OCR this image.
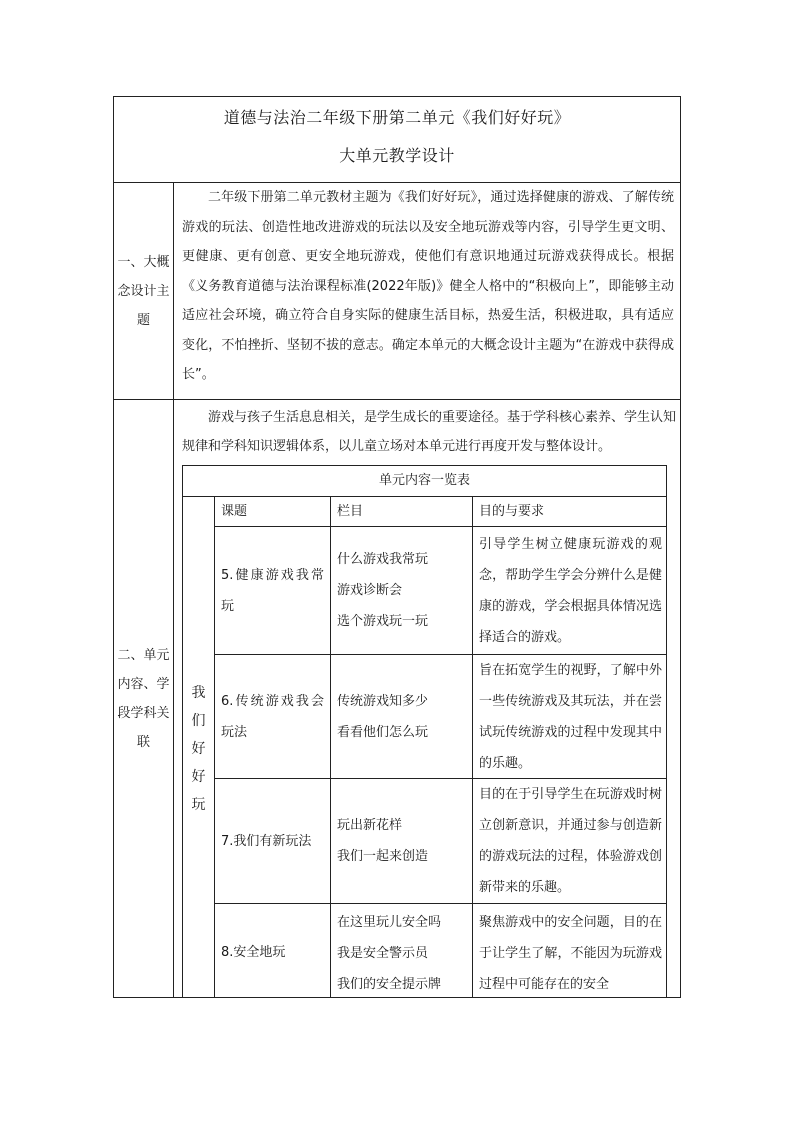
道德与法治二年级下册第二单元《我们好好玩》
大单元教学设计
一、大概念设计主题
二年级下册第二单元教材主题为《我们好好玩》，通过选择健康的游戏、了解传统游戏的玩法、创造性地改进游戏的玩法以及安全地玩游戏等内容，引导学生更文明、更健康、更有创意、更安全地玩游戏，使他们有意识地通过玩游戏获得成长。根据《义务教育道德与法治课程标准(2022年版)》健全人格中的“积极向上”，即能够主动适应社会环境，确立符合自身实际的健康生活目标，热爱生活，积极进取，具有适应变化，不怕挫折、坚韧不拔的意志。确定本单元的大概念设计主题为“在游戏中获得成长”。
二、单元内容、学段学科关联
游戏与孩子生活息息相关，是学生成长的重要途径。基于学科核心素养、学生认知规律和学科知识逻辑体系，以儿童立场对本单元进行再度开发与整体设计。
单元内容一览表
我们好好玩
课题	栏目	目的与要求
5.健康游戏我常玩
什么游戏我常玩
游戏诊断会
选个游戏玩一玩
引导学生树立健康玩游戏的观念，帮助学生学会分辨什么是健康的游戏，学会根据具体情况选择适合的游戏。
6.传统游戏我会玩法
传统游戏知多少
看看他们怎么玩
旨在拓宽学生的视野，了解中外一些传统游戏及其玩法，并在尝试玩传统游戏的过程中发现其中的乐趣。
7.我们有新玩法
玩出新花样
我们一起来创造
目的在于引导学生在玩游戏时树立创新意识，并通过参与创造新的游戏玩法的过程，体验游戏创新带来的乐趣。
8.安全地玩
在这里玩儿安全吗
我是安全警示员
我们的安全提示牌
聚焦游戏中的安全问题，目的在于让学生了解，不能因为玩游戏过程中可能存在的安全
